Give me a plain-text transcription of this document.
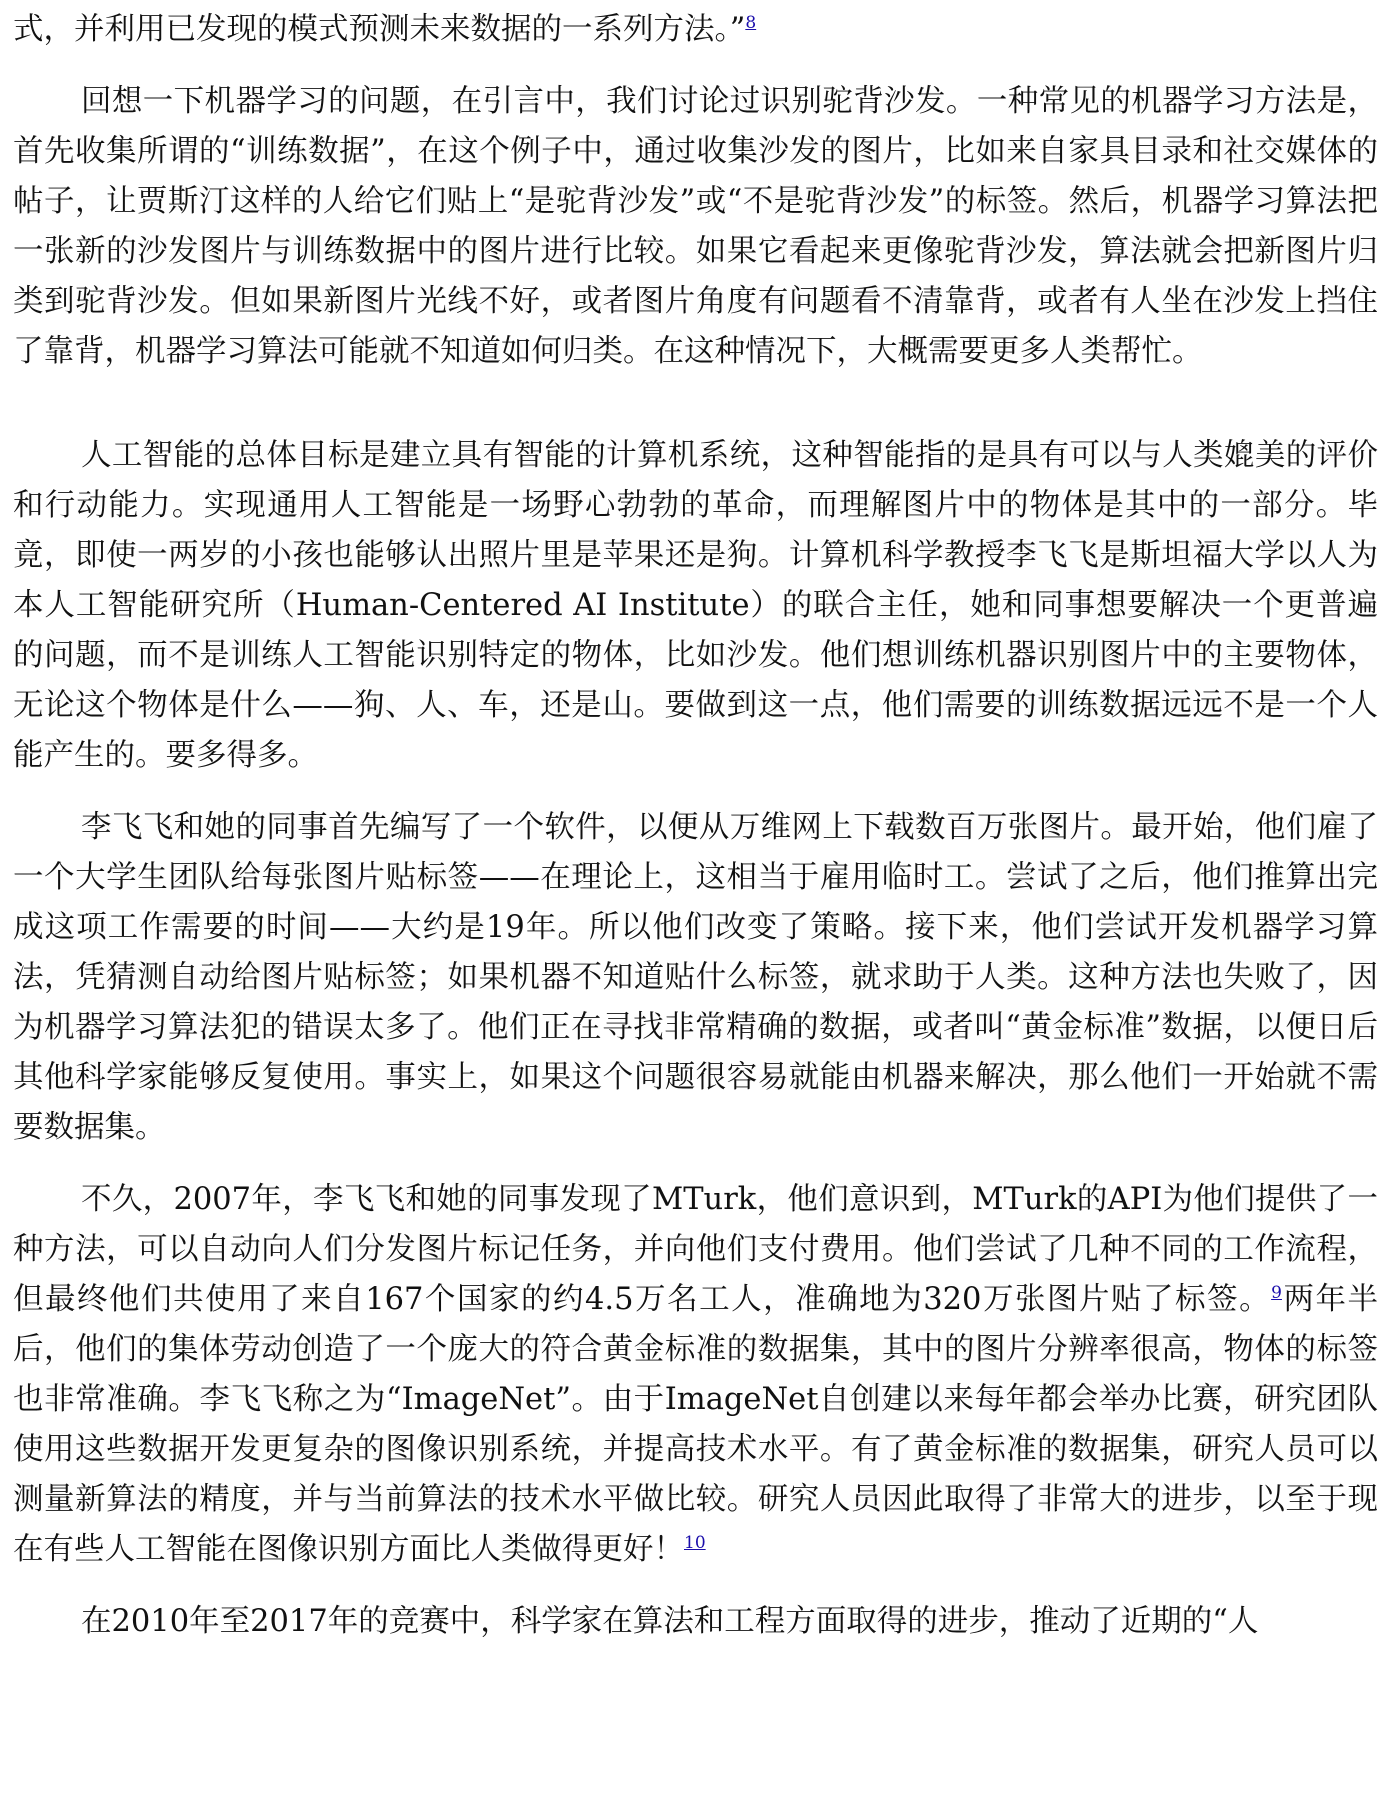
式，并利用已发现的模式预测未来数据的一系列方法。”$^8$

回想一下机器学习的问题，在引言中，我们讨论过识别驼背沙发。一种常见的机器学习方法是，首先收集所谓的“训练数据”，在这个例子中，通过收集沙发的图片，比如来自家具目录和社交媒体的帖子，让贾斯汀这样的人给它们贴上“是驼背沙发”或“不是驼背沙发”的标签。然后，机器学习算法把一张新的沙发图片与训练数据中的图片进行比较。如果它看起来更像驼背沙发，算法就会把新图片归类到驼背沙发。但如果新图片光线不好，或者图片角度有问题看不清靠背，或者有人坐在沙发上挡住了靠背，机器学习算法可能就不知道如何归类。在这种情况下，大概需要更多人类帮忙。

人工智能的总体目标是建立具有智能的计算机系统，这种智能指的是具有可以与人类媲美的评价和行动能力。实现通用人工智能是一场野心勃勃的革命，而理解图片中的物体是其中的一部分。毕竟，即使一两岁的小孩也能够认出照片里是苹果还是狗。计算机科学教授李飞飞是斯坦福大学以人为本人工智能研究所（Human-Centered AI Institute）的联合主任，她和同事想要解决一个更普遍的问题，而不是训练人工智能识别特定的物体，比如沙发。他们想训练机器识别图片中的主要物体，无论这个物体是什么——狗、人、车，还是山。要做到这一点，他们需要的训练数据远远不是一个人能产生的。要多得多。

李飞飞和她的同事首先编写了一个软件，以便从万维网上下载数百万张图片。最开始，他们雇了一个大学生团队给每张图片贴标签——在理论上，这相当于雇用临时工。尝试了之后，他们推算出完成这项工作需要的时间——大约是19年。所以他们改变了策略。接下来，他们尝试开发机器学习算法，凭猜测自动给图片贴标签；如果机器不知道贴什么标签，就求助于人类。这种方法也失败了，因为机器学习算法犯的错误太多了。他们正在寻找非常精确的数据，或者叫“黄金标准”数据，以便日后其他科学家能够反复使用。事实上，如果这个问题很容易就能由机器来解决，那么他们一开始就不需要数据集。

不久，2007年，李飞飞和她的同事发现了MTurk，他们意识到，MTurk的API为他们提供了一种方法，可以自动向人们分发图片标记任务，并向他们支付费用。他们尝试了几种不同的工作流程，但最终他们共使用了来自167个国家的约4.5万名工人，准确地为320万张图片贴了标签。$^9$两年半后，他们的集体劳动创造了一个庞大的符合黄金标准的数据集，其中的图片分辨率很高，物体的标签也非常准确。李飞飞称之为“ImageNet”。由于ImageNet自创建以来每年都会举办比赛，研究团队使用这些数据开发更复杂的图像识别系统，并提高技术水平。有了黄金标准的数据集，研究人员可以测量新算法的精度，并与当前算法的技术水平做比较。研究人员因此取得了非常大的进步，以至于现在有些人工智能在图像识别方面比人类做得更好！$^{10}$

在2010年至2017年的竞赛中，科学家在算法和工程方面取得的进步，推动了近期的“人
